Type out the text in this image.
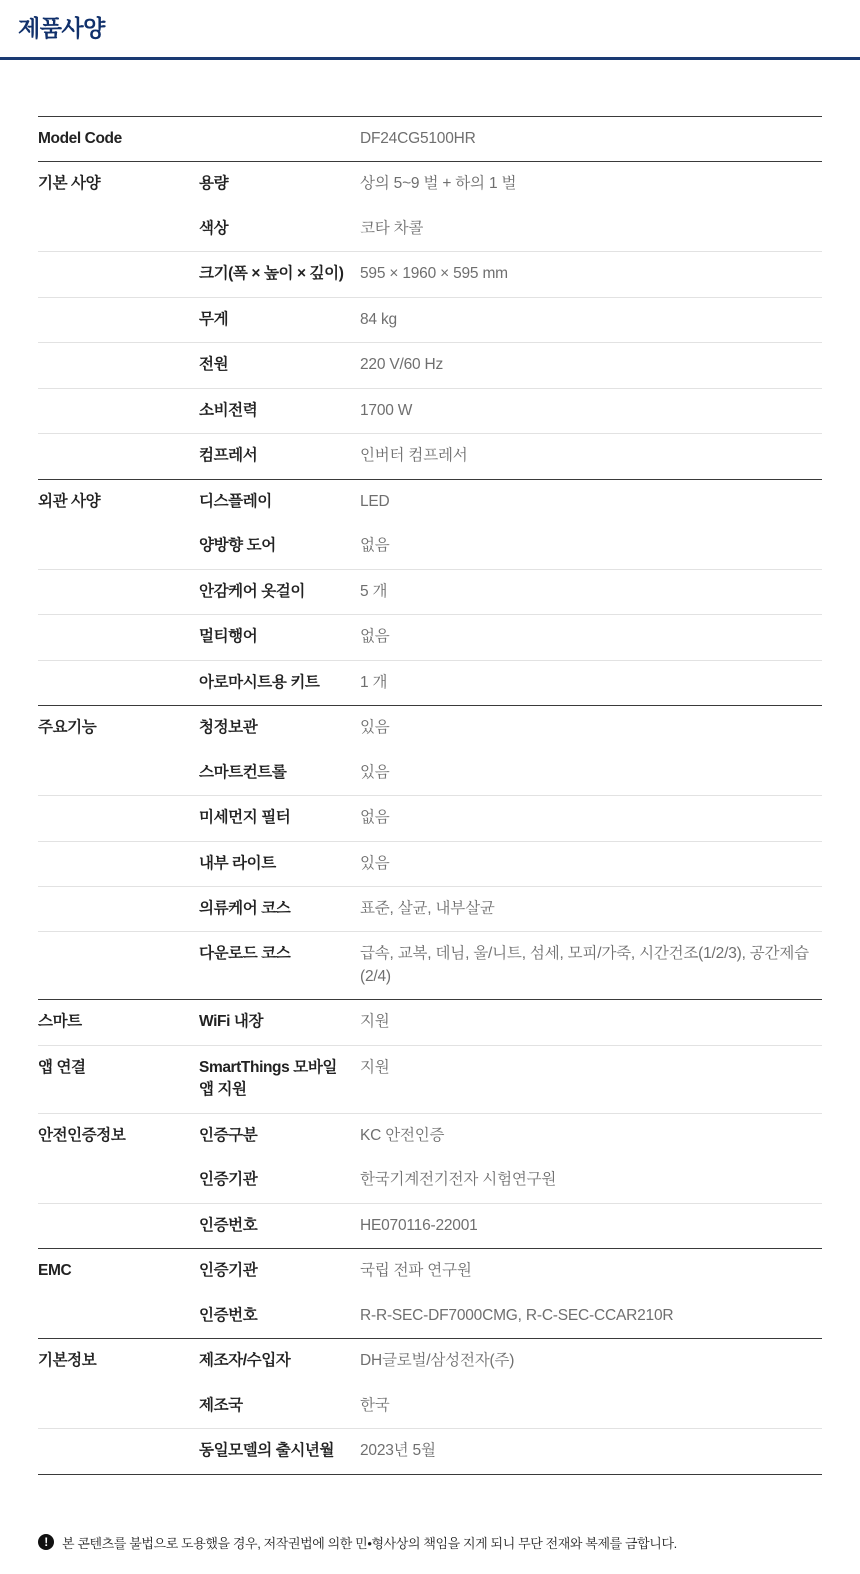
제품사양
Model Code		DF24CG5100HR
기본 사양	용량	상의 5~9 벌 + 하의 1 벌
	색상	코타 차콜
	크기(폭 × 높이 × 깊이)	595 × 1960 × 595 mm
	무게	84 kg
	전원	220 V/60 Hz
	소비전력	1700 W
	컴프레서	인버터 컴프레서
외관 사양	디스플레이	LED
	양방향 도어	없음
	안감케어 옷걸이	5 개
	멀티행어	없음
	아로마시트용 키트	1 개
주요기능	청정보관	있음
	스마트컨트롤	있음
	미세먼지 필터	없음
	내부 라이트	있음
	의류케어 코스	표준, 살균, 내부살균
	다운로드 코스	급속, 교복, 데님, 울/니트, 섬세, 모피/가죽, 시간건조(1/2/3), 공간제습(2/4)
스마트	WiFi 내장	지원
앱 연결	SmartThings 모바일 앱 지원	지원
안전인증정보	인증구분	KC 안전인증
	인증기관	한국기계전기전자 시험연구원
	인증번호	HE070116-22001
EMC	인증기관	국립 전파 연구원
	인증번호	R-R-SEC-DF7000CMG, R-C-SEC-CCAR210R
기본정보	제조자/수입자	DH글로벌/삼성전자(주)
	제조국	한국
	동일모델의 출시년월	2023년 5월
!	본 콘텐츠를 불법으로 도용했을 경우, 저작권법에 의한 민•형사상의 책임을 지게 되니 무단 전재와 복제를 금합니다.
